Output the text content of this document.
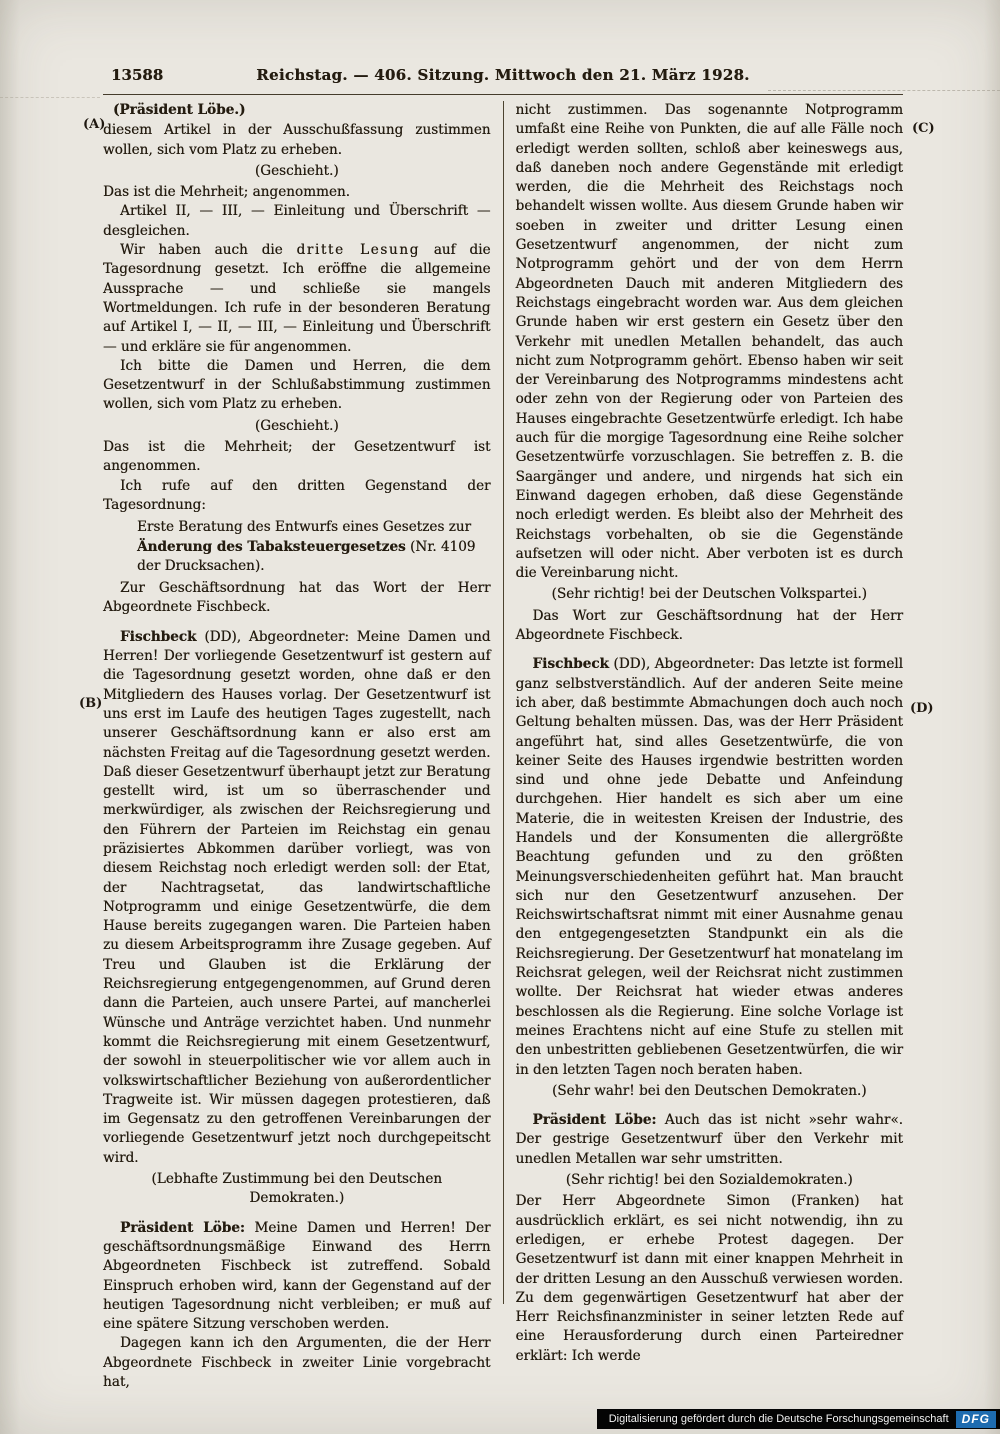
13588	Reichstag. — 406. Sitzung. Mittwoch den 21. März 1928.
(Präsident Löbe.)
diesem Artikel in der Ausschußfassung zustimmen wollen, sich vom Platz zu erheben.
(Geschieht.)
Das ist die Mehrheit; angenommen.
Artikel II, — III, — Einleitung und Überschrift — desgleichen.
Wir haben auch die dritte Lesung auf die Tagesordnung gesetzt. Ich eröffne die allgemeine Aussprache — und schließe sie mangels Wortmeldungen. Ich rufe in der besonderen Beratung auf Artikel I, — II, — III, — Einleitung und Überschrift — und erkläre sie für angenommen.
Ich bitte die Damen und Herren, die dem Gesetzentwurf in der Schlußabstimmung zustimmen wollen, sich vom Platz zu erheben.
(Geschieht.)
Das ist die Mehrheit; der Gesetzentwurf ist angenommen.
Ich rufe auf den dritten Gegenstand der Tagesordnung:
Erste Beratung des Entwurfs eines Gesetzes zur Änderung des Tabaksteuergesetzes (Nr. 4109 der Drucksachen).
Zur Geschäftsordnung hat das Wort der Herr Abgeordnete Fischbeck.
Fischbeck (DD), Abgeordneter: Meine Damen und Herren! Der vorliegende Gesetzentwurf ist gestern auf die Tagesordnung gesetzt worden, ohne daß er den Mitgliedern des Hauses vorlag. Der Gesetzentwurf ist uns erst im Laufe des heutigen Tages zugestellt, nach unserer Geschäftsordnung kann er also erst am nächsten Freitag auf die Tagesordnung gesetzt werden. Daß dieser Gesetzentwurf überhaupt jetzt zur Beratung gestellt wird, ist um so überraschender und merkwürdiger, als zwischen der Reichsregierung und den Führern der Parteien im Reichstag ein genau präzisiertes Abkommen darüber vorliegt, was von diesem Reichstag noch erledigt werden soll: der Etat, der Nachtragsetat, das landwirtschaftliche Notprogramm und einige Gesetzentwürfe, die dem Hause bereits zugegangen waren. Die Parteien haben zu diesem Arbeitsprogramm ihre Zusage gegeben. Auf Treu und Glauben ist die Erklärung der Reichsregierung entgegengenommen, auf Grund deren dann die Parteien, auch unsere Partei, auf mancherlei Wünsche und Anträge verzichtet haben. Und nunmehr kommt die Reichsregierung mit einem Gesetzentwurf, der sowohl in steuerpolitischer wie vor allem auch in volkswirtschaftlicher Beziehung von außerordentlicher Tragweite ist. Wir müssen dagegen protestieren, daß im Gegensatz zu den getroffenen Vereinbarungen der vorliegende Gesetzentwurf jetzt noch durchgepeitscht wird.
(Lebhafte Zustimmung bei den Deutschen Demokraten.)
Präsident Löbe: Meine Damen und Herren! Der geschäftsordnungsmäßige Einwand des Herrn Abgeordneten Fischbeck ist zutreffend. Sobald Einspruch erhoben wird, kann der Gegenstand auf der heutigen Tagesordnung nicht verbleiben; er muß auf eine spätere Sitzung verschoben werden.
Dagegen kann ich den Argumenten, die der Herr Abgeordnete Fischbeck in zweiter Linie vorgebracht hat,
nicht zustimmen. Das sogenannte Notprogramm umfaßt eine Reihe von Punkten, die auf alle Fälle noch erledigt werden sollten, schloß aber keineswegs aus, daß daneben noch andere Gegenstände mit erledigt werden, die die Mehrheit des Reichstags noch behandelt wissen wollte. Aus diesem Grunde haben wir soeben in zweiter und dritter Lesung einen Gesetzentwurf angenommen, der nicht zum Notprogramm gehört und der von dem Herrn Abgeordneten Dauch mit anderen Mitgliedern des Reichstags eingebracht worden war. Aus dem gleichen Grunde haben wir erst gestern ein Gesetz über den Verkehr mit unedlen Metallen behandelt, das auch nicht zum Notprogramm gehört. Ebenso haben wir seit der Vereinbarung des Notprogramms mindestens acht oder zehn von der Regierung oder von Parteien des Hauses eingebrachte Gesetzentwürfe erledigt. Ich habe auch für die morgige Tagesordnung eine Reihe solcher Gesetzentwürfe vorzuschlagen. Sie betreffen z. B. die Saargänger und andere, und nirgends hat sich ein Einwand dagegen erhoben, daß diese Gegenstände noch erledigt werden. Es bleibt also der Mehrheit des Reichstags vorbehalten, ob sie die Gegenstände aufsetzen will oder nicht. Aber verboten ist es durch die Vereinbarung nicht.
(Sehr richtig! bei der Deutschen Volkspartei.)
Das Wort zur Geschäftsordnung hat der Herr Abgeordnete Fischbeck.
Fischbeck (DD), Abgeordneter: Das letzte ist formell ganz selbstverständlich. Auf der anderen Seite meine ich aber, daß bestimmte Abmachungen doch auch noch Geltung behalten müssen. Das, was der Herr Präsident angeführt hat, sind alles Gesetzentwürfe, die von keiner Seite des Hauses irgendwie bestritten worden sind und ohne jede Debatte und Anfeindung durchgehen. Hier handelt es sich aber um eine Materie, die in weitesten Kreisen der Industrie, des Handels und der Konsumenten die allergrößte Beachtung gefunden und zu den größten Meinungsverschiedenheiten geführt hat. Man braucht sich nur den Gesetzentwurf anzusehen. Der Reichswirtschaftsrat nimmt mit einer Ausnahme genau den entgegengesetzten Standpunkt ein als die Reichsregierung. Der Gesetzentwurf hat monatelang im Reichsrat gelegen, weil der Reichsrat nicht zustimmen wollte. Der Reichsrat hat wieder etwas anderes beschlossen als die Regierung. Eine solche Vorlage ist meines Erachtens nicht auf eine Stufe zu stellen mit den unbestritten gebliebenen Gesetzentwürfen, die wir in den letzten Tagen noch beraten haben.
(Sehr wahr! bei den Deutschen Demokraten.)
Präsident Löbe: Auch das ist nicht »sehr wahr«. Der gestrige Gesetzentwurf über den Verkehr mit unedlen Metallen war sehr umstritten.
(Sehr richtig! bei den Sozialdemokraten.)
Der Herr Abgeordnete Simon (Franken) hat ausdrücklich erklärt, es sei nicht notwendig, ihn zu erledigen, er erhebe Protest dagegen. Der Gesetzentwurf ist dann mit einer knappen Mehrheit in der dritten Lesung an den Ausschuß verwiesen worden. Zu dem gegenwärtigen Gesetzentwurf hat aber der Herr Reichsfinanzminister in seiner letzten Rede auf eine Herausforderung durch einen Parteiredner erklärt: Ich werde
(A)
(B)
(C)
(D)
Digitalisierung gefördert durch die Deutsche Forschungsgemeinschaft	DFG
